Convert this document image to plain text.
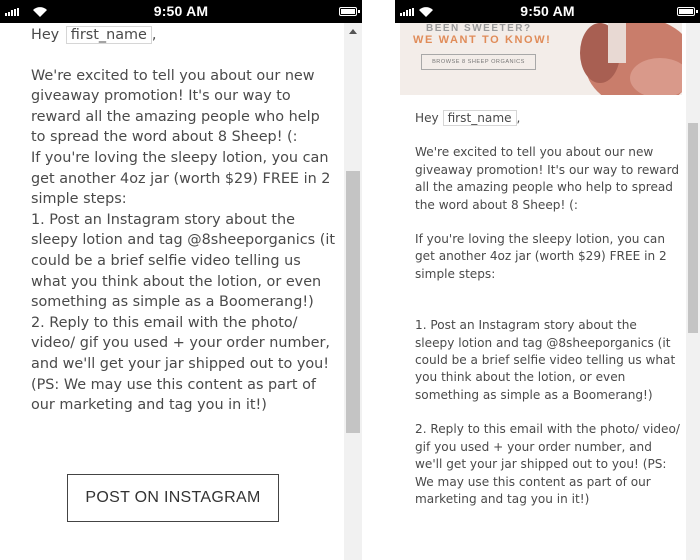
9:50 AM
Hey first_name ,
We're excited to tell you about our new giveaway promotion! It's our way to reward all the amazing people who help to spread the word about 8 Sheep! (:
If you're loving the sleepy lotion, you can get another 4oz jar (worth $29) FREE in 2 simple steps:
1. Post an Instagram story about the sleepy lotion and tag @8sheeporganics (it could be a brief selfie video telling us what you think about the lotion, or even something as simple as a Boomerang!)
2. Reply to this email with the photo/ video/ gif you used + your order number, and we'll get your jar shipped out to you! (PS: We may use this content as part of our marketing and tag you in it!)
POST ON INSTAGRAM
9:50 AM
BEEN SWEETER?
WE WANT TO KNOW!
BROWSE 8 SHEEP ORGANICS
Hey first_name ,
We're excited to tell you about our new giveaway promotion! It's our way to reward all the amazing people who help to spread the word about 8 Sheep! (:
If you're loving the sleepy lotion, you can get another 4oz jar (worth $29) FREE in 2 simple steps:
1. Post an Instagram story about the sleepy lotion and tag @8sheeporganics (it could be a brief selfie video telling us what you think about the lotion, or even something as simple as a Boomerang!)
2. Reply to this email with the photo/ video/ gif you used + your order number, and we'll get your jar shipped out to you! (PS: We may use this content as part of our marketing and tag you in it!)
